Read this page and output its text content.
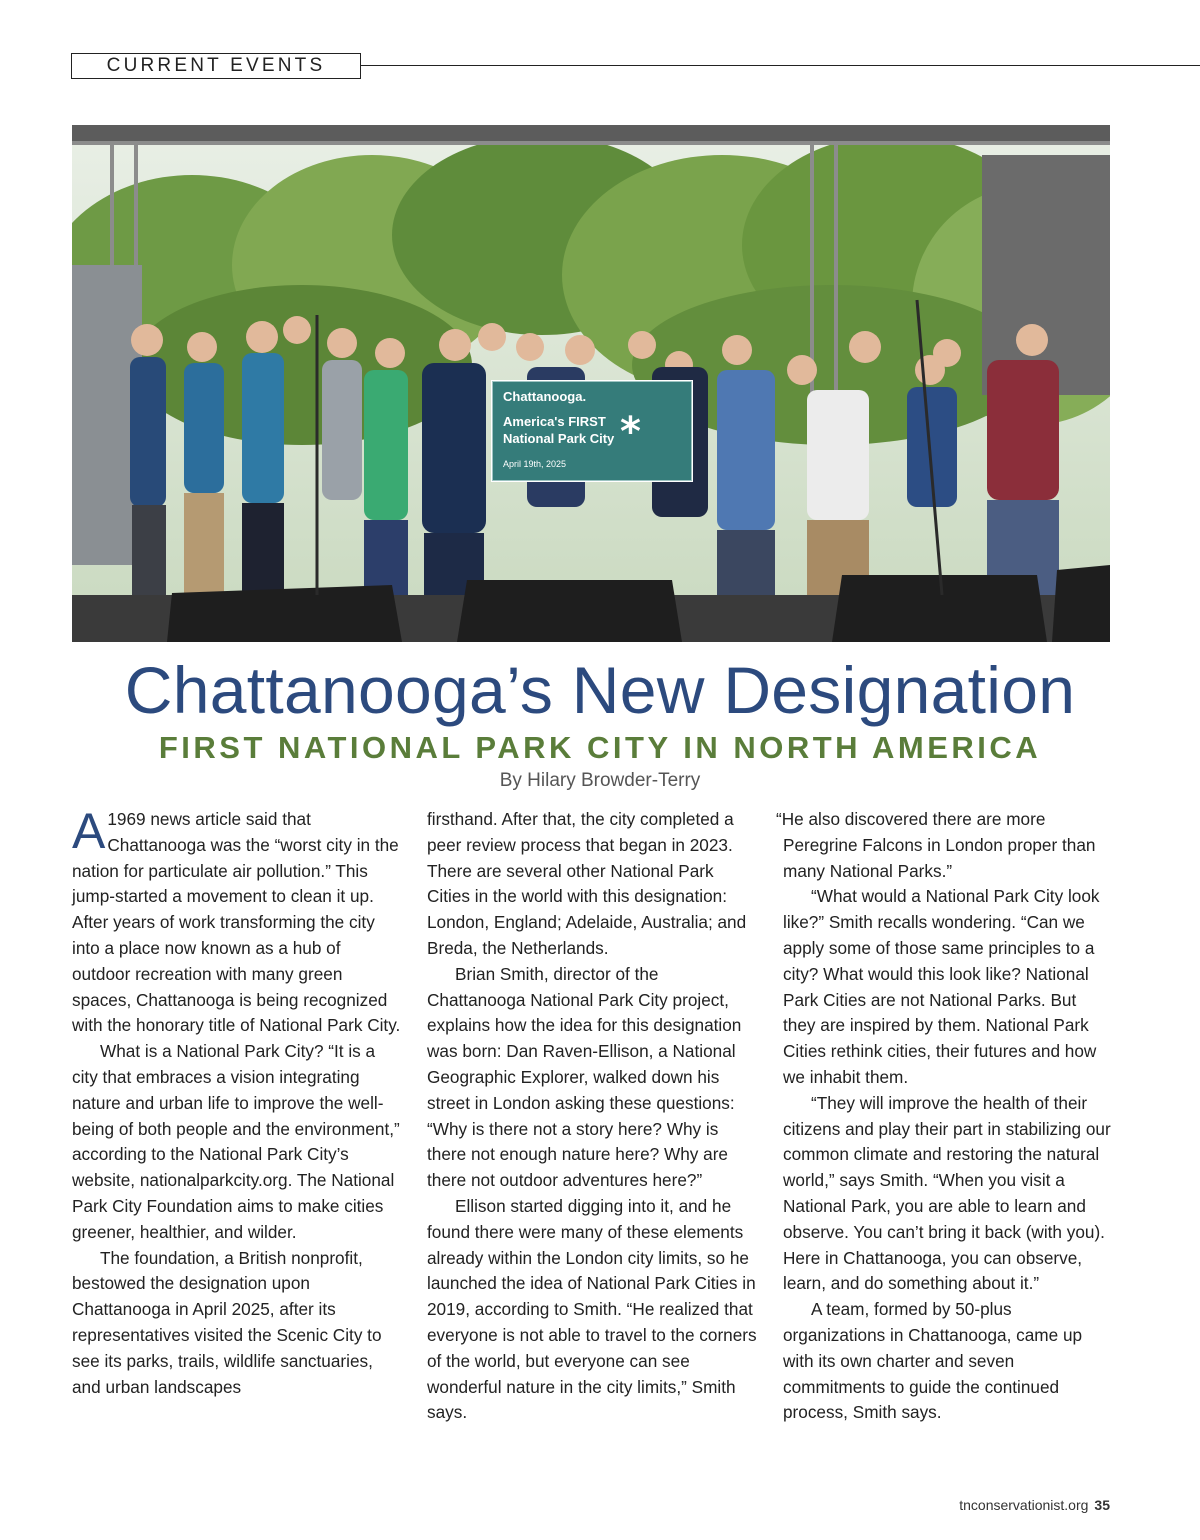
CURRENT EVENTS
Chattanooga.
America's FIRST
National Park City
April 19th, 2025
*
Chattanooga’s New Designation
FIRST NATIONAL PARK CITY IN NORTH AMERICA
By Hilary Browder-Terry

A 1969 news article said that Chattanooga was the “worst city in the nation for particulate air pollution.” This jump-started a movement to clean it up. After years of work transforming the city into a place now known as a hub of outdoor recreation with many green spaces, Chattanooga is being recognized with the honorary title of National Park City.

What is a National Park City? “It is a city that embraces a vision integrating nature and urban life to improve the well-being of both people and the environment,” according to the National Park City’s website, nationalparkcity.org. The National Park City Foundation aims to make cities greener, healthier, and wilder.

The foundation, a British nonprofit, bestowed the designation upon Chattanooga in April 2025, after its representatives visited the Scenic City to see its parks, trails, wildlife sanctuaries, and urban landscapes

firsthand. After that, the city completed a peer review process that began in 2023. There are several other National Park Cities in the world with this designation: London, England; Adelaide, Australia; and Breda, the Netherlands.

Brian Smith, director of the Chattanooga National Park City project, explains how the idea for this designation was born: Dan Raven-Ellison, a National Geographic Explorer, walked down his street in London asking these questions: “Why is there not a story here? Why is there not enough nature here? Why are there not outdoor adventures here?”

Ellison started digging into it, and he found there were many of these elements already within the London city limits, so he launched the idea of National Park Cities in 2019, according to Smith. “He realized that everyone is not able to travel to the corners of the world, but everyone can see wonderful nature in the city limits,” Smith says.

“He also discovered there are more Peregrine Falcons in London proper than many National Parks.”

“What would a National Park City look like?” Smith recalls wondering. “Can we apply some of those same principles to a city? What would this look like? National Park Cities are not National Parks. But they are inspired by them. National Park Cities rethink cities, their futures and how we inhabit them.

“They will improve the health of their citizens and play their part in stabilizing our common climate and restoring the natural world,” says Smith. “When you visit a National Park, you are able to learn and observe. You can’t bring it back (with you). Here in Chattanooga, you can observe, learn, and do something about it.”

A team, formed by 50-plus organizations in Chattanooga, came up with its own charter and seven commitments to guide the continued process, Smith says.

tnconservationist.org 35
